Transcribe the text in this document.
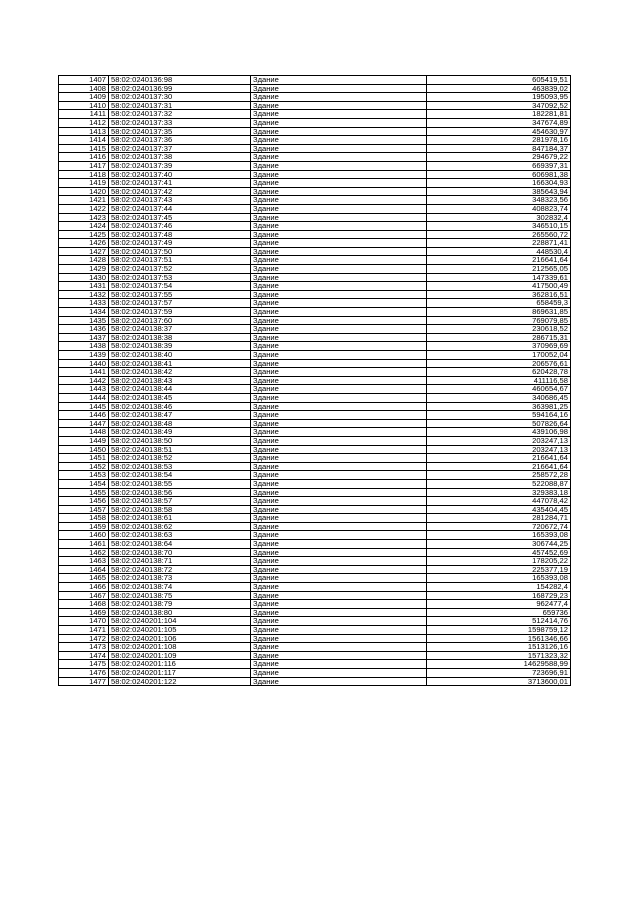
1407	58:02:0240136:98	Здание	605419,51
1408	58:02:0240136:99	Здание	463839,02
1409	58:02:0240137:30	Здание	195093,95
1410	58:02:0240137:31	Здание	347092,52
1411	58:02:0240137:32	Здание	182281,81
1412	58:02:0240137:33	Здание	347674,89
1413	58:02:0240137:35	Здание	454630,97
1414	58:02:0240137:36	Здание	281978,16
1415	58:02:0240137:37	Здание	847184,37
1416	58:02:0240137:38	Здание	294679,22
1417	58:02:0240137:39	Здание	669397,31
1418	58:02:0240137:40	Здание	606981,38
1419	58:02:0240137:41	Здание	166304,93
1420	58:02:0240137:42	Здание	385643,94
1421	58:02:0240137:43	Здание	348323,56
1422	58:02:0240137:44	Здание	408823,74
1423	58:02:0240137:45	Здание	302832,4
1424	58:02:0240137:46	Здание	346510,15
1425	58:02:0240137:48	Здание	265560,72
1426	58:02:0240137:49	Здание	228871,41
1427	58:02:0240137:50	Здание	448530,4
1428	58:02:0240137:51	Здание	216641,64
1429	58:02:0240137:52	Здание	212565,05
1430	58:02:0240137:53	Здание	147339,61
1431	58:02:0240137:54	Здание	417500,49
1432	58:02:0240137:55	Здание	362816,51
1433	58:02:0240137:57	Здание	658459,3
1434	58:02:0240137:59	Здание	869631,85
1435	58:02:0240137:60	Здание	769079,85
1436	58:02:0240138:37	Здание	230618,52
1437	58:02:0240138:38	Здание	286715,31
1438	58:02:0240138:39	Здание	370969,69
1439	58:02:0240138:40	Здание	170052,04
1440	58:02:0240138:41	Здание	206576,61
1441	58:02:0240138:42	Здание	620428,78
1442	58:02:0240138:43	Здание	411116,58
1443	58:02:0240138:44	Здание	460654,67
1444	58:02:0240138:45	Здание	340686,45
1445	58:02:0240138:46	Здание	363981,25
1446	58:02:0240138:47	Здание	594164,16
1447	58:02:0240138:48	Здание	507826,64
1448	58:02:0240138:49	Здание	439106,98
1449	58:02:0240138:50	Здание	203247,13
1450	58:02:0240138:51	Здание	203247,13
1451	58:02:0240138:52	Здание	216641,64
1452	58:02:0240138:53	Здание	216641,64
1453	58:02:0240138:54	Здание	258572,28
1454	58:02:0240138:55	Здание	522088,87
1455	58:02:0240138:56	Здание	329383,18
1456	58:02:0240138:57	Здание	447078,42
1457	58:02:0240138:58	Здание	435404,45
1458	58:02:0240138:61	Здание	281284,71
1459	58:02:0240138:62	Здание	720672,74
1460	58:02:0240138:63	Здание	165393,08
1461	58:02:0240138:64	Здание	306744,25
1462	58:02:0240138:70	Здание	457452,69
1463	58:02:0240138:71	Здание	178205,22
1464	58:02:0240138:72	Здание	225377,19
1465	58:02:0240138:73	Здание	165393,08
1466	58:02:0240138:74	Здание	154282,4
1467	58:02:0240138:75	Здание	168729,23
1468	58:02:0240138:79	Здание	962477,4
1469	58:02:0240138:80	Здание	659736
1470	58:02:0240201:104	Здание	512414,76
1471	58:02:0240201:105	Здание	1598759,12
1472	58:02:0240201:106	Здание	1561346,66
1473	58:02:0240201:108	Здание	1513126,16
1474	58:02:0240201:109	Здание	1571323,32
1475	58:02:0240201:116	Здание	14629588,99
1476	58:02:0240201:117	Здание	723696,91
1477	58:02:0240201:122	Здание	3713600,01
